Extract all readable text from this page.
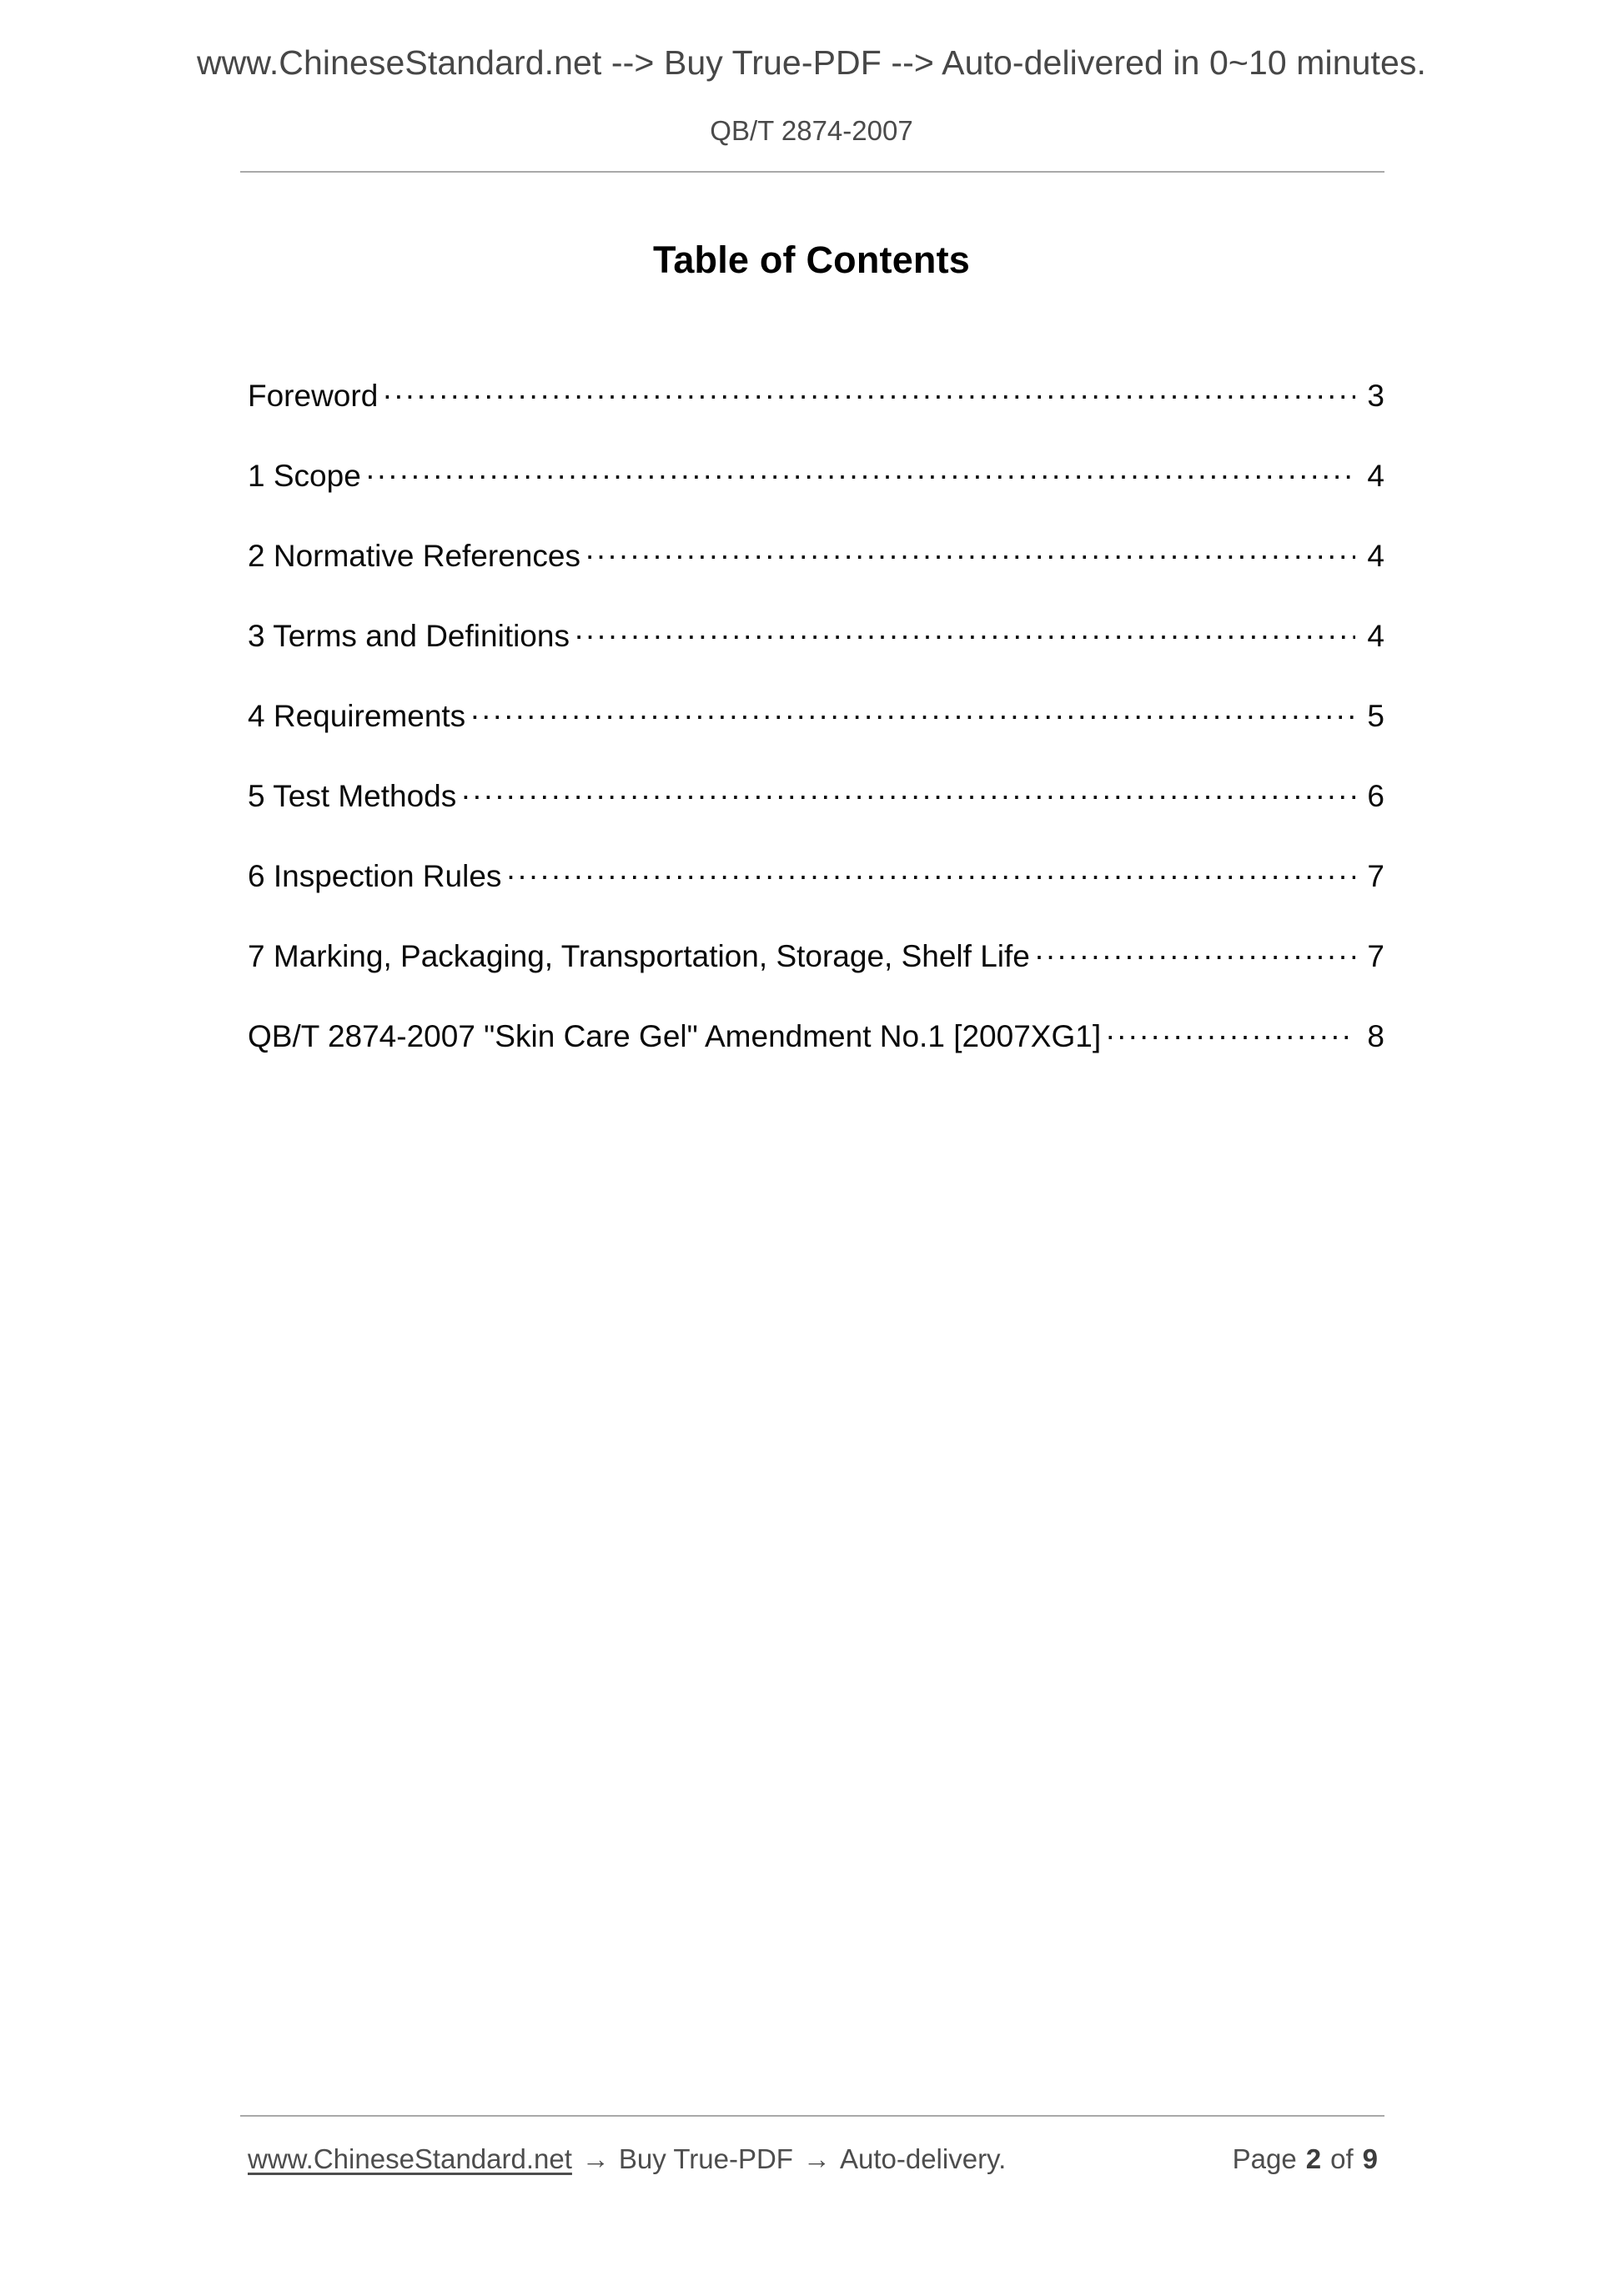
www.ChineseStandard.net --> Buy True-PDF --> Auto-delivered in 0~10 minutes.
QB/T 2874-2007
Table of Contents
Foreword .....	3
1 Scope .....	4
2 Normative References .....	4
3 Terms and Definitions .....	4
4 Requirements .....	5
5 Test Methods .....	6
6 Inspection Rules .....	7
7 Marking, Packaging, Transportation, Storage, Shelf Life .....	7
QB/T 2874-2007 "Skin Care Gel" Amendment No.1 [2007XG1] .....	8
www.ChineseStandard.net → Buy True-PDF → Auto-delivery.	Page 2 of 9
